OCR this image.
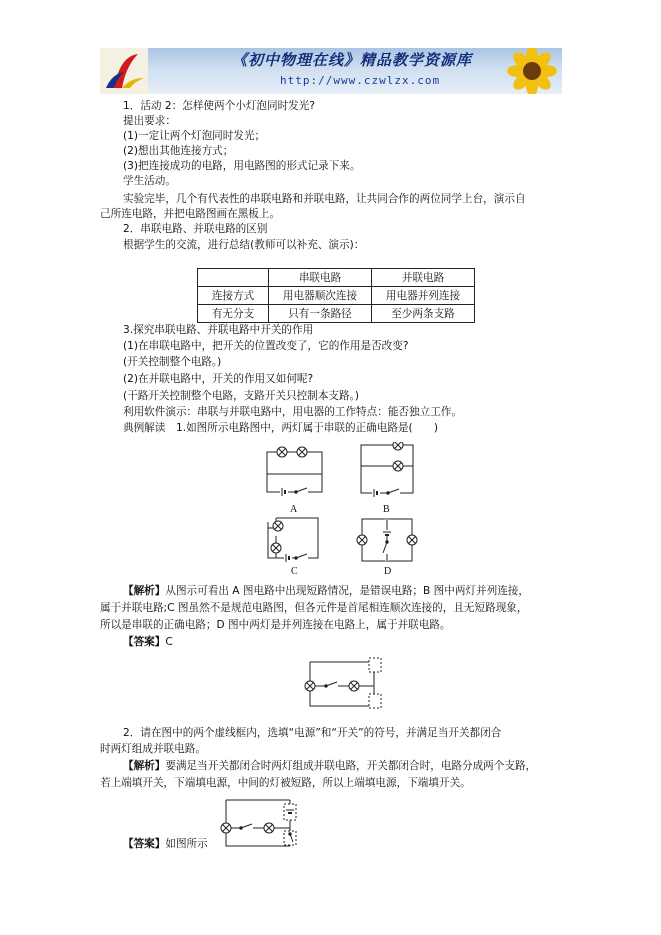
《初中物理在线》精品教学资源库
http://www.czwlzx.com
1．活动 2：怎样使两个小灯泡同时发光?
提出要求：
(1)一定让两个灯泡同时发光；
(2)想出其他连接方式；
(3)把连接成功的电路，用电路图的形式记录下来。
学生活动。
实验完毕，几个有代表性的串联电路和并联电路，让共同合作的两位同学上台，演示自
己所连电路，并把电路图画在黑板上。
2．串联电路、并联电路的区别
根据学生的交流，进行总结(教师可以补充、演示)：
	串联电路	并联电路
连接方式	用电器顺次连接	用电器并列连接
有无分支	只有一条路径	至少两条支路
3.探究串联电路、并联电路中开关的作用
(1)在串联电路中，把开关的位置改变了，它的作用是否改变?
(开关控制整个电路。)
(2)在并联电路中，开关的作用又如何呢?
(干路开关控制整个电路，支路开关只控制本支路。)
利用软件演示：串联与并联电路中，用电器的工作特点：能否独立工作。
典例解读　1.如图所示电路图中，两灯属于串联的正确电路是(　　)
A	B
C	D
【解析】从图示可看出 A 图电路中出现短路情况，是错误电路；B 图中两灯并列连接，
属于并联电路;C 图虽然不是规范电路图，但各元件是首尾相连顺次连接的，且无短路现象，
所以是串联的正确电路；D 图中两灯是并列连接在电路上，属于并联电路。
【答案】C
2．请在图中的两个虚线框内，选填“电源”和“开关”的符号，并满足当开关都闭合
时两灯组成并联电路。
【解析】要满足当开关都闭合时两灯组成并联电路，开关都闭合时，电路分成两个支路，
若上端填开关，下端填电源，中间的灯被短路，所以上端填电源，下端填开关。
【答案】如图所示
